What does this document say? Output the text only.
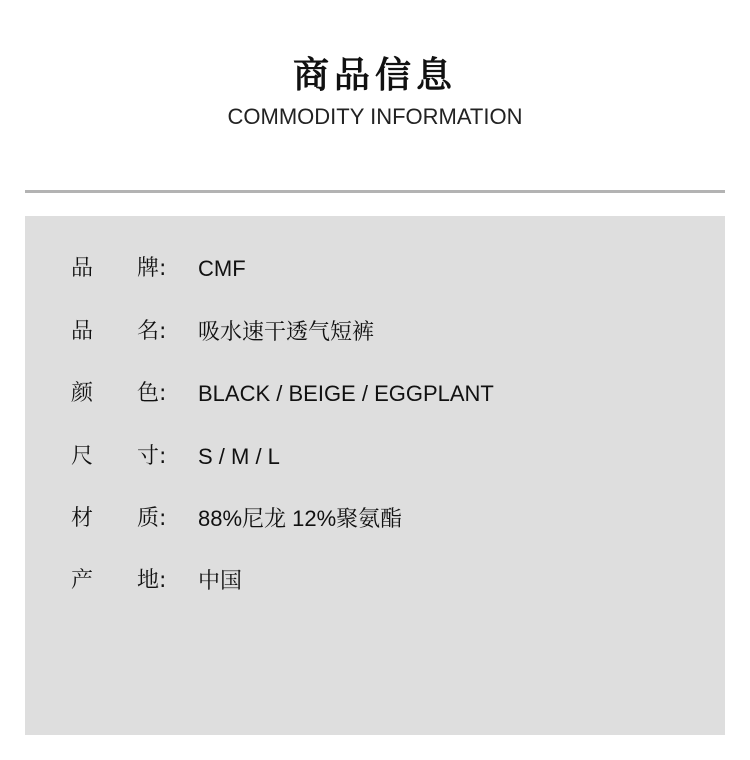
商品信息
COMMODITY INFORMATION
品 牌: CMF
品 名: 吸水速干透气短裤
颜 色: BLACK / BEIGE / EGGPLANT
尺 寸: S / M / L
材 质: 88%尼龙 12%聚氨酯
产 地: 中国
